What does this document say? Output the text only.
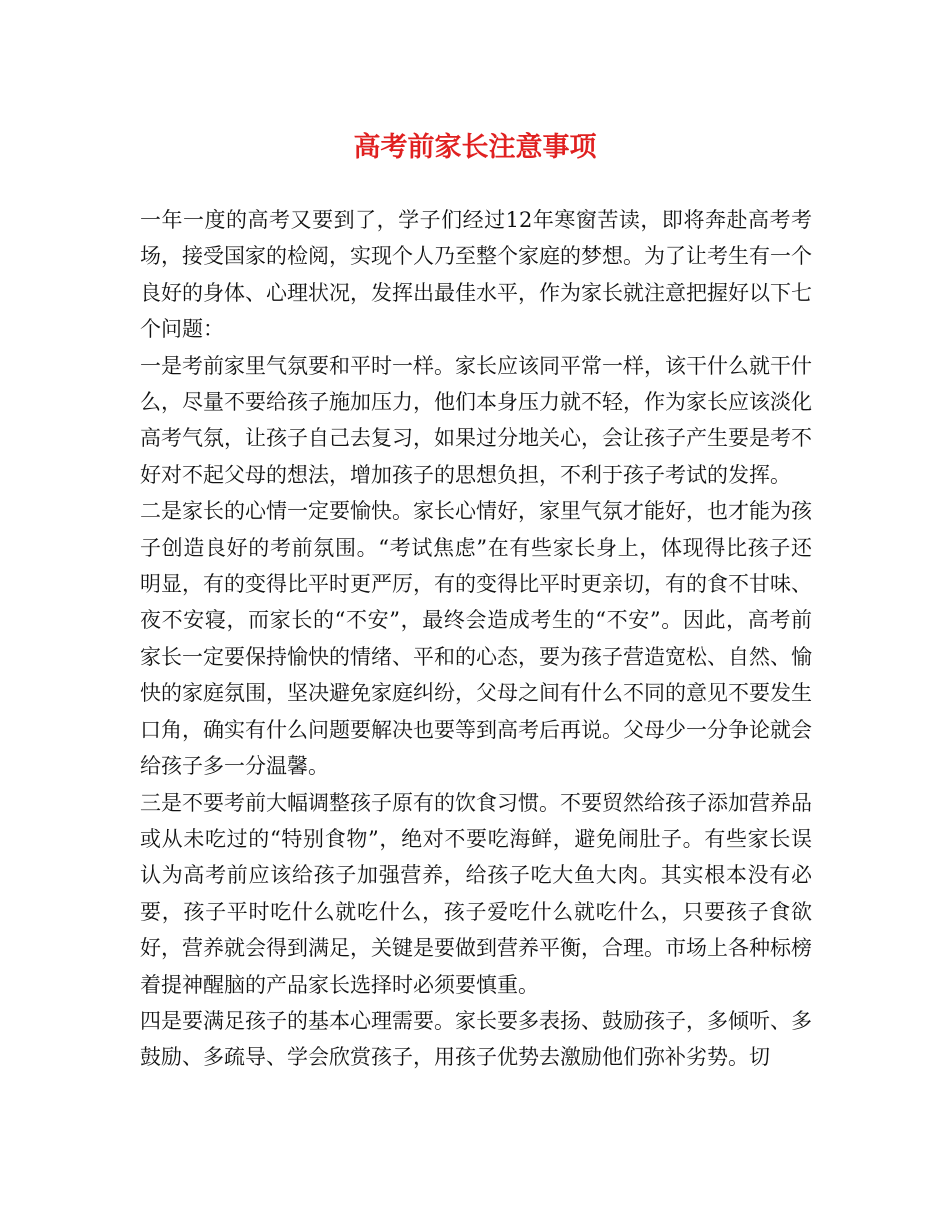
高考前家长注意事项

一年一度的高考又要到了，学子们经过12年寒窗苦读，即将奔赴高考考场，接受国家的检阅，实现个人乃至整个家庭的梦想。为了让考生有一个良好的身体、心理状况，发挥出最佳水平，作为家长就注意把握好以下七个问题：

一是考前家里气氛要和平时一样。家长应该同平常一样，该干什么就干什么，尽量不要给孩子施加压力，他们本身压力就不轻，作为家长应该淡化高考气氛，让孩子自己去复习，如果过分地关心，会让孩子产生要是考不好对不起父母的想法，增加孩子的思想负担，不利于孩子考试的发挥。

二是家长的心情一定要愉快。家长心情好，家里气氛才能好，也才能为孩子创造良好的考前氛围。“考试焦虑”在有些家长身上，体现得比孩子还明显，有的变得比平时更严厉，有的变得比平时更亲切，有的食不甘味、夜不安寝，而家长的“不安”，最终会造成考生的“不安”。因此，高考前家长一定要保持愉快的情绪、平和的心态，要为孩子营造宽松、自然、愉快的家庭氛围，坚决避免家庭纠纷，父母之间有什么不同的意见不要发生口角，确实有什么问题要解决也要等到高考后再说。父母少一分争论就会给孩子多一分温馨。

三是不要考前大幅调整孩子原有的饮食习惯。不要贸然给孩子添加营养品或从未吃过的“特别食物”，绝对不要吃海鲜，避免闹肚子。有些家长误认为高考前应该给孩子加强营养，给孩子吃大鱼大肉。其实根本没有必要，孩子平时吃什么就吃什么，孩子爱吃什么就吃什么，只要孩子食欲好，营养就会得到满足，关键是要做到营养平衡，合理。市场上各种标榜着提神醒脑的产品家长选择时必须要慎重。

四是要满足孩子的基本心理需要。家长要多表扬、鼓励孩子，多倾听、多鼓励、多疏导、学会欣赏孩子，用孩子优势去激励他们弥补劣势。切
